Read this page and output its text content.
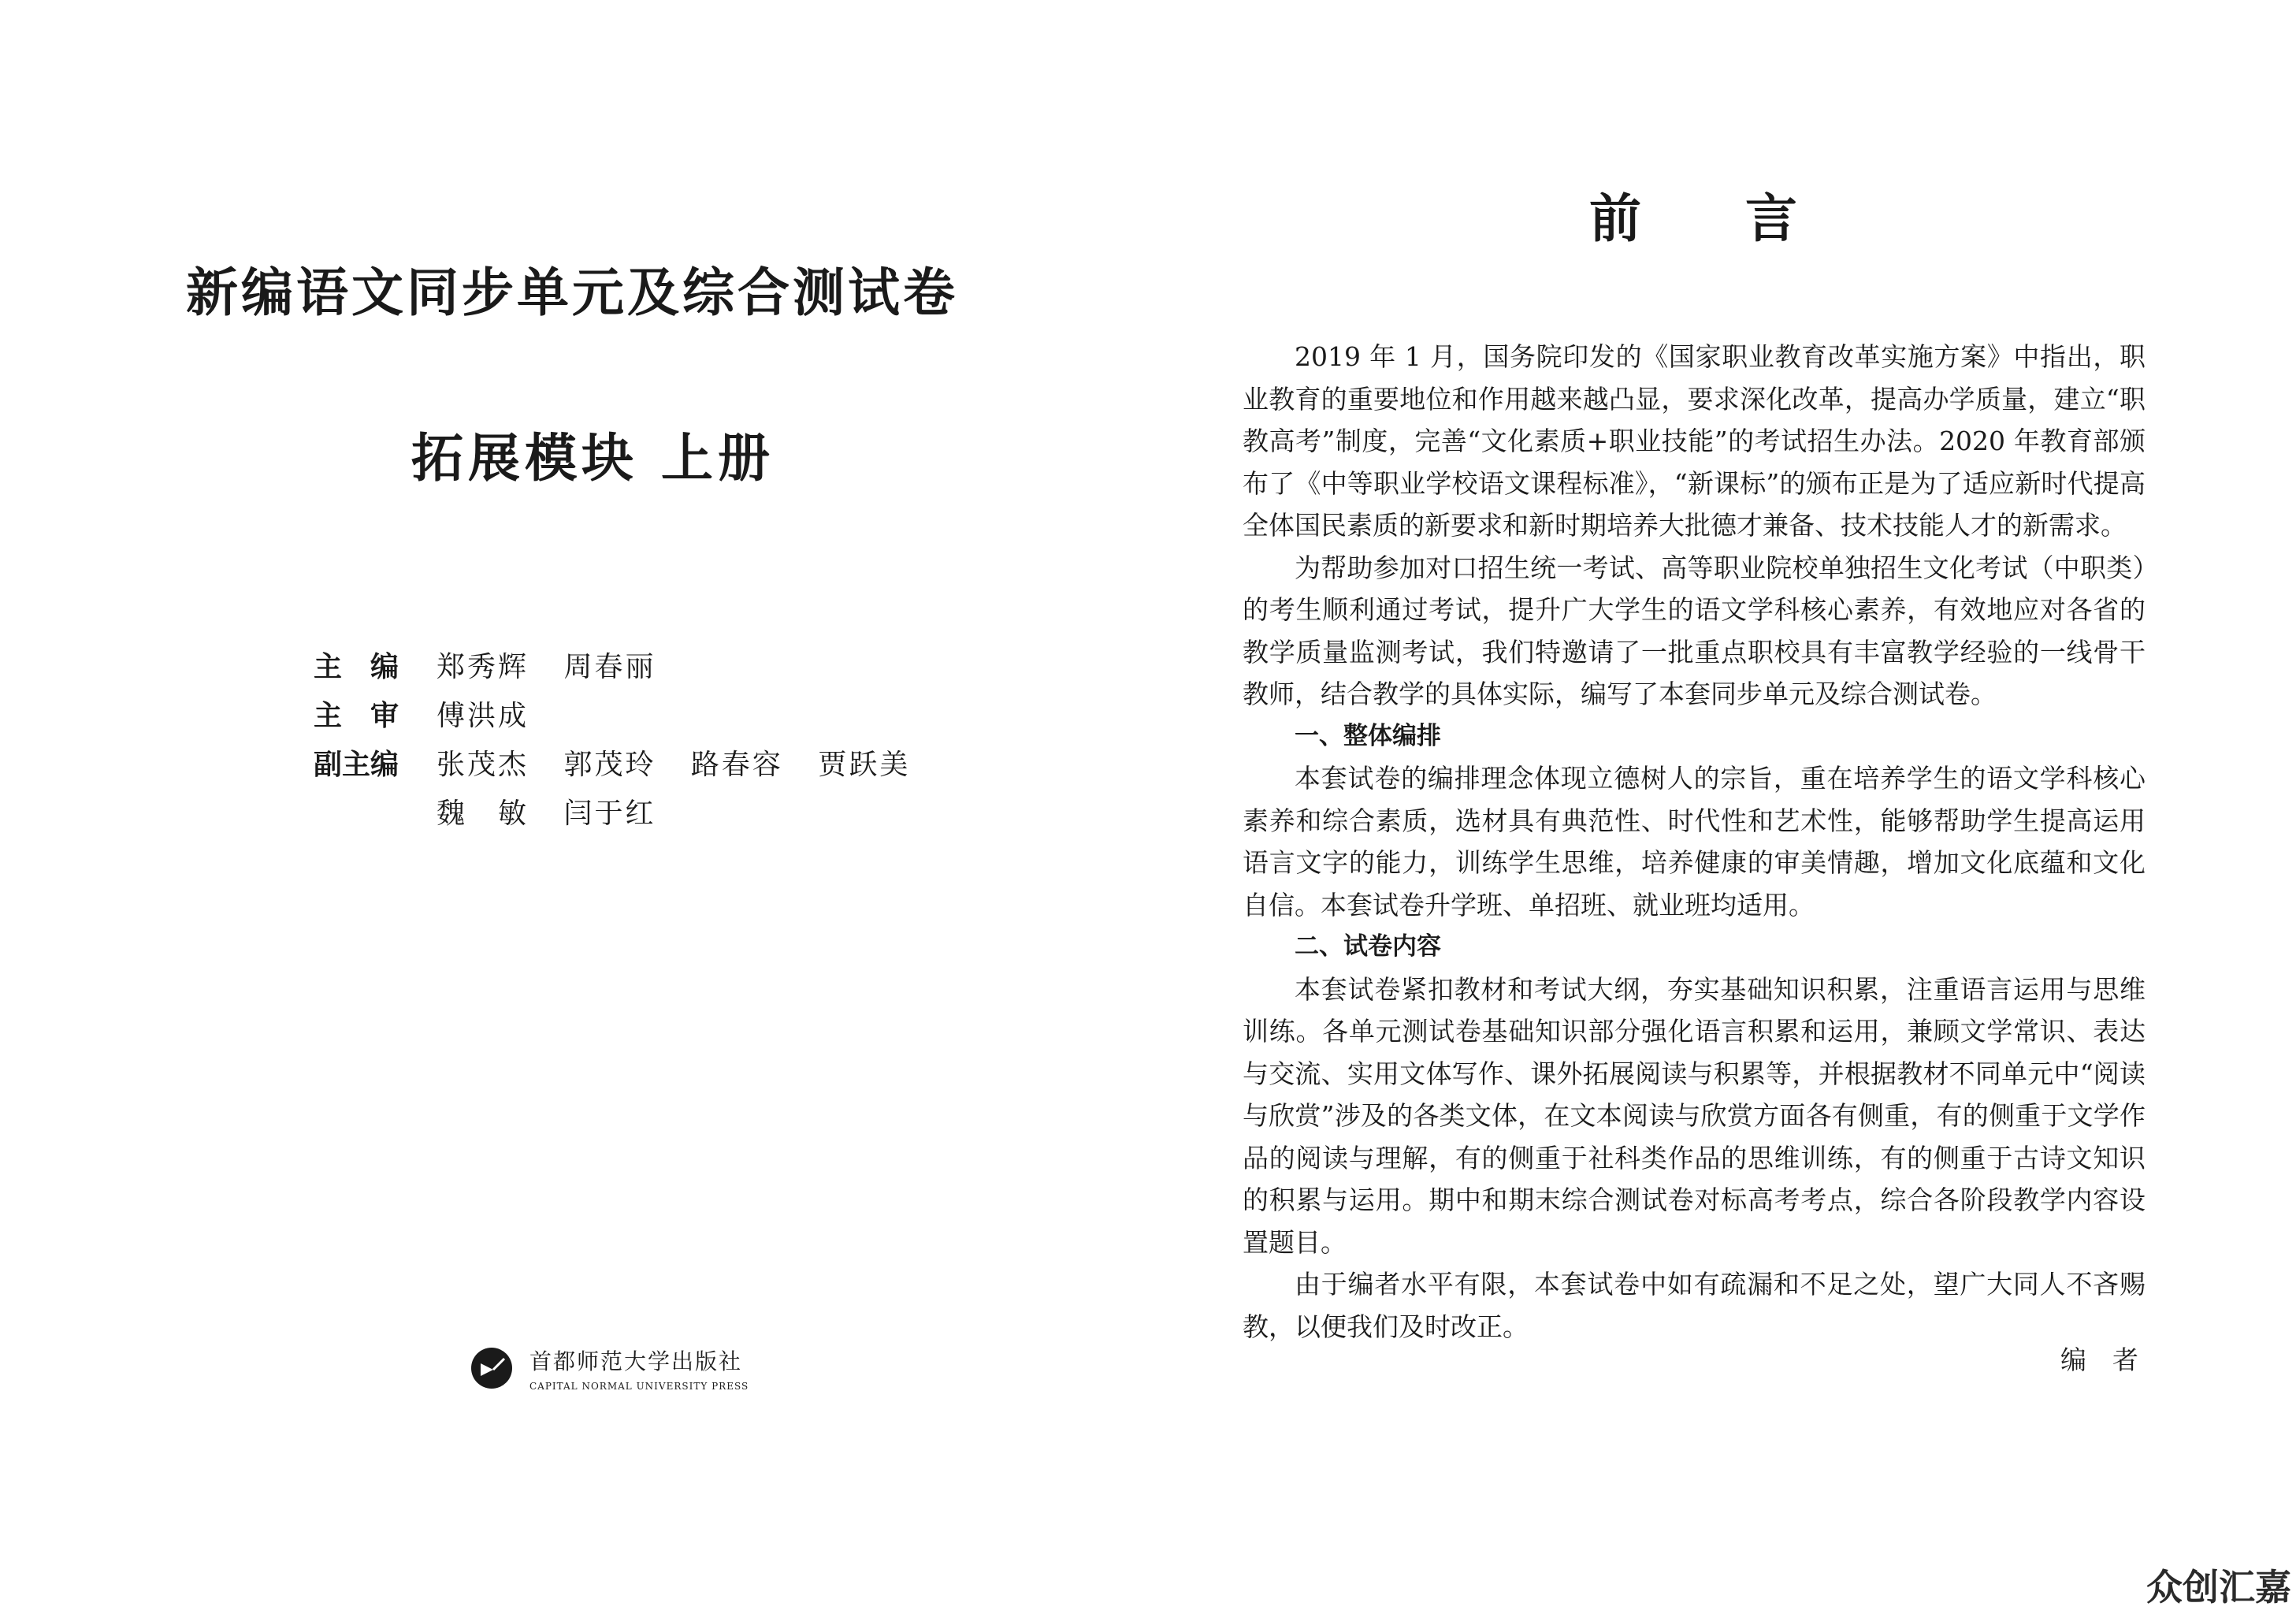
新编语文同步单元及综合测试卷
拓展模块 上册
主　编	郑秀辉 周春丽
主　审	傅洪成
副主编	张茂杰 郭茂玲 路春容 贾跃美
魏　敏 闫于红
首都师范大学出版社
CAPITAL NORMAL UNIVERSITY PRESS
前　　言

2019 年 1 月，国务院印发的《国家职业教育改革实施方案》中指出，职业教育的重要地位和作用越来越凸显，要求深化改革，提高办学质量，建立“职教高考”制度，完善“文化素质+职业技能”的考试招生办法。2020 年教育部颁布了《中等职业学校语文课程标准》，“新课标”的颁布正是为了适应新时代提高全体国民素质的新要求和新时期培养大批德才兼备、技术技能人才的新需求。

为帮助参加对口招生统一考试、高等职业院校单独招生文化考试（中职类）的考生顺利通过考试，提升广大学生的语文学科核心素养，有效地应对各省的教学质量监测考试，我们特邀请了一批重点职校具有丰富教学经验的一线骨干教师，结合教学的具体实际，编写了本套同步单元及综合测试卷。

一、整体编排

本套试卷的编排理念体现立德树人的宗旨，重在培养学生的语文学科核心素养和综合素质，选材具有典范性、时代性和艺术性，能够帮助学生提高运用语言文字的能力，训练学生思维，培养健康的审美情趣，增加文化底蕴和文化自信。本套试卷升学班、单招班、就业班均适用。

二、试卷内容

本套试卷紧扣教材和考试大纲，夯实基础知识积累，注重语言运用与思维训练。各单元测试卷基础知识部分强化语言积累和运用，兼顾文学常识、表达与交流、实用文体写作、课外拓展阅读与积累等，并根据教材不同单元中“阅读与欣赏”涉及的各类文体，在文本阅读与欣赏方面各有侧重，有的侧重于文学作品的阅读与理解，有的侧重于社科类作品的思维训练，有的侧重于古诗文知识的积累与运用。期中和期末综合测试卷对标高考考点，综合各阶段教学内容设置题目。

由于编者水平有限，本套试卷中如有疏漏和不足之处，望广大同人不吝赐教，以便我们及时改正。

编　者
众创汇嘉
